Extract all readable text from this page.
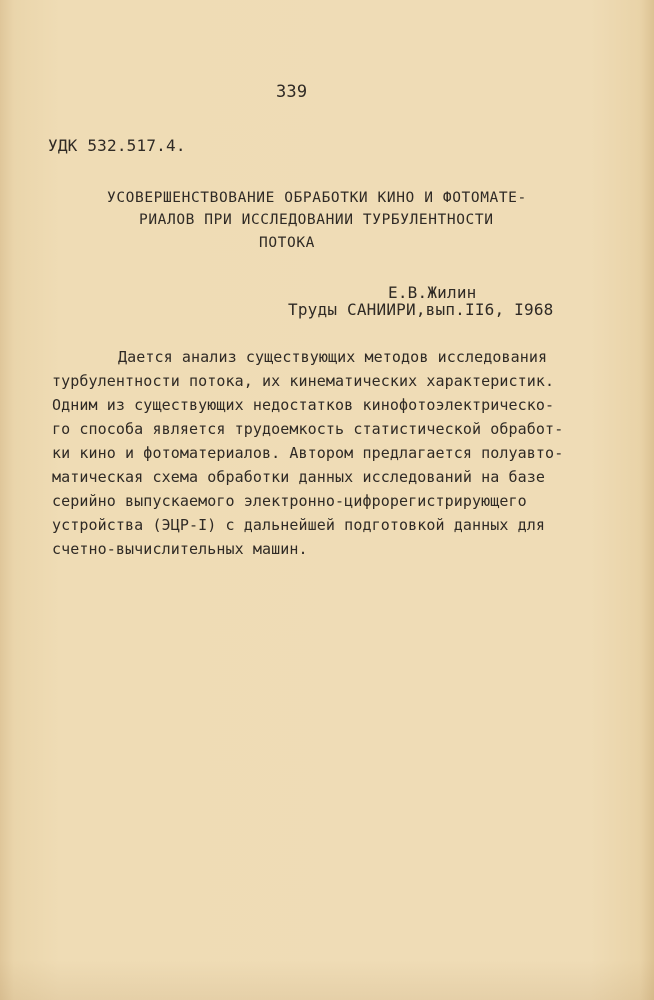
339
УДК 532.517.4.
УСОВЕРШЕНСТВОВАНИЕ ОБРАБОТКИ КИНО И ФОТОМАТЕ-
РИАЛОВ ПРИ ИССЛЕДОВАНИИ ТУРБУЛЕНТНОСТИ
ПОТОКА
Е.В.Жилин
Труды САНИИРИ,вып.II6, I968
Дается анализ существующих методов исследования
турбулентности потока, их кинематических характеристик.
Одним из существующих недостатков кинофотоэлектрическо-
го способа является трудоемкость статистической обработ-
ки кино и фотоматериалов. Автором предлагается полуавто-
матическая схема обработки данных исследований на базе
серийно выпускаемого электронно-цифрорегистрирующего
устройства (ЭЦР-I) с дальнейшей подготовкой данных для
счетно-вычислительных машин.
